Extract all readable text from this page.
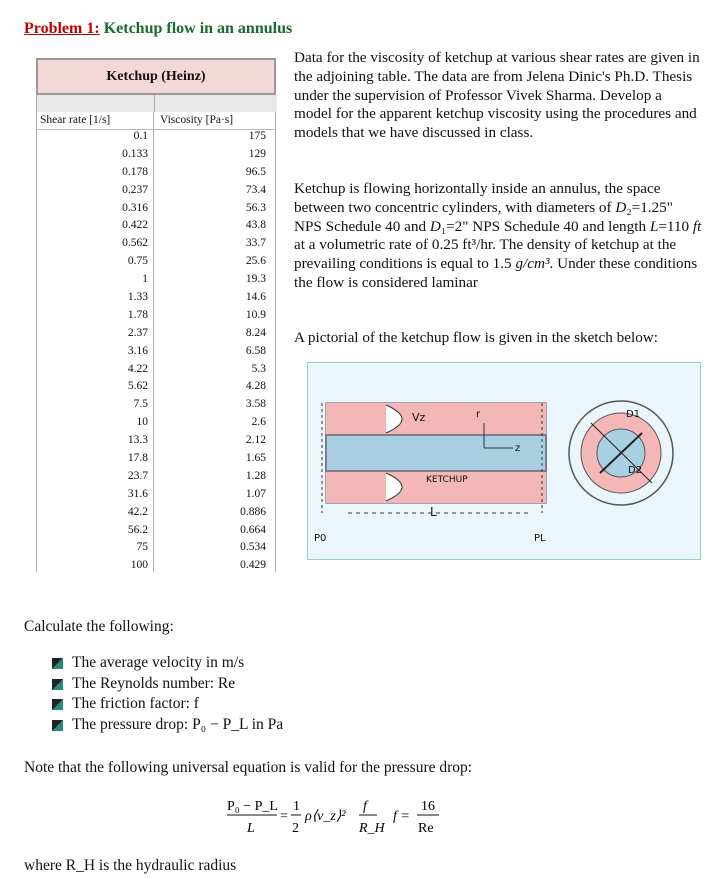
Problem 1: Ketchup flow in an annulus
Ketchup (Heinz)
Shear rate [1/s]	Viscosity [Pa·s]
0.1	175
0.133	129
0.178	96.5
0.237	73.4
0.316	56.3
0.422	43.8
0.562	33.7
0.75	25.6
1	19.3
1.33	14.6
1.78	10.9
2.37	8.24
3.16	6.58
4.22	5.3
5.62	4.28
7.5	3.58
10	2.6
13.3	2.12
17.8	1.65
23.7	1.28
31.6	1.07
42.2	0.886
56.2	0.664
75	0.534
100	0.429
Data for the viscosity of ketchup at various shear rates are given in the adjoining table. The data are from Jelena Dinic's Ph.D. Thesis under the supervision of Professor Vivek Sharma. Develop a model for the apparent ketchup viscosity using the procedures and models that we have discussed in class.
Ketchup is flowing horizontally inside an annulus, the space between two concentric cylinders, with diameters of D₂=1.25" NPS Schedule 40 and D₁=2" NPS Schedule 40 and length L=110 ft at a volumetric rate of 0.25 ft³/hr. The density of ketchup at the prevailing conditions is equal to 1.5 g/cm³. Under these conditions the flow is considered laminar
A pictorial of the ketchup flow is given in the sketch below:
Vz
KETCHUP
L
P0	PL
r
z
D1
D2
Calculate the following:
The average velocity in m/s
The Reynolds number: Re
The friction factor: f
The pressure drop: P₀ − P_L in Pa
Note that the following universal equation is valid for the pressure drop:
P₀ − P_L
L
=
1
2
ρ⟨v_z⟩²
f
R_H
f =
16
Re
where R_H is the hydraulic radius
